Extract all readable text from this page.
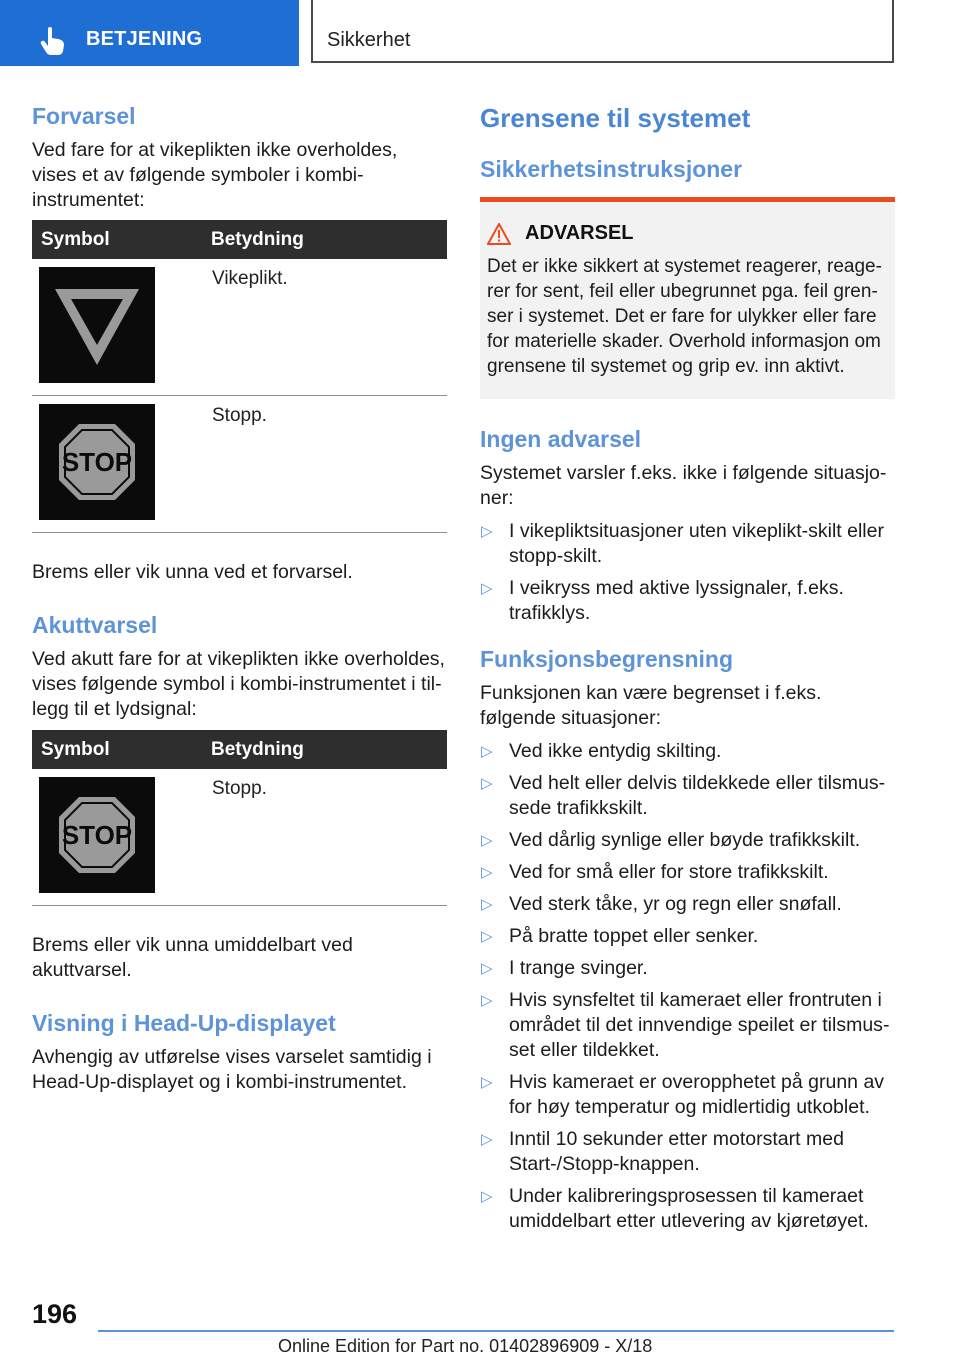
BETJENING	Sikkerhet
Forvarsel

Ved fare for at vikeplikten ikke overholdes, vises et av følgende symboler i kombi-instrumentet:

Symbol	Betydning

	Vikeplikt.

STOP	Stopp.

Brems eller vik unna ved et forvarsel.

Akuttvarsel

Ved akutt fare for at vikeplikten ikke overholdes, vises følgende symbol i kombi-instrumentet i tillegg til et lydsignal:

Symbol	Betydning

STOP	Stopp.

Brems eller vik unna umiddelbart ved akuttvarsel.

Visning i Head-Up-displayet

Avhengig av utførelse vises varselet samtidig i Head-Up-displayet og i kombi-instrumentet.

Grensene til systemet
Sikkerhetsinstruksjoner
ADVARSEL

Det er ikke sikkert at systemet reagerer, reagerer for sent, feil eller ubegrunnet pga. feil grenser i systemet. Det er fare for ulykker eller fare for materielle skader. Overhold informasjon om grensene til systemet og grip ev. inn aktivt.

Ingen advarsel

Systemet varsler f.eks. ikke i følgende situasjoner:

▷ I vikepliktsituasjoner uten vikeplikt-skilt eller stopp-skilt.
▷ I veikryss med aktive lyssignaler, f.eks. trafikklys.
Funksjonsbegrensning

Funksjonen kan være begrenset i f.eks. følgende situasjoner:

▷ Ved ikke entydig skilting.
▷ Ved helt eller delvis tildekkede eller tilsmussede trafikkskilt.
▷ Ved dårlig synlige eller bøyde trafikkskilt.
▷ Ved for små eller for store trafikkskilt.
▷ Ved sterk tåke, yr og regn eller snøfall.
▷ På bratte toppet eller senker.
▷ I trange svinger.
▷ Hvis synsfeltet til kameraet eller frontruten i området til det innvendige speilet er tilsmusset eller tildekket.
▷ Hvis kameraet er overopphetet på grunn av for høy temperatur og midlertidig utkoblet.
▷ Inntil 10 sekunder etter motorstart med Start-/Stopp-knappen.
▷ Under kalibreringsprosessen til kameraet umiddelbart etter utlevering av kjøretøyet.
196
Online Edition for Part no. 01402896909 - X/18
